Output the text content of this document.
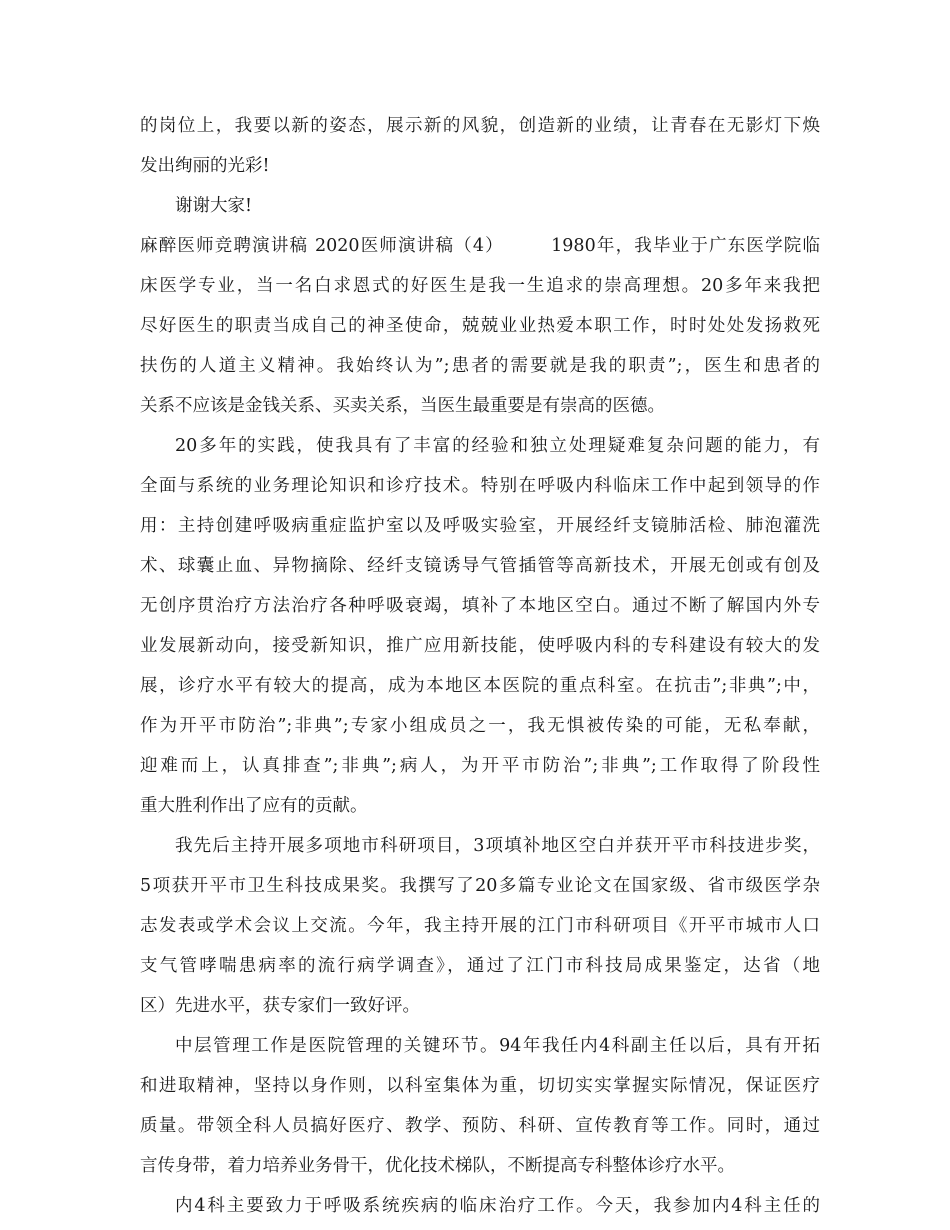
的岗位上，我要以新的姿态，展示新的风貌，创造新的业绩，让青春在无影灯下焕
发出绚丽的光彩!
谢谢大家!
麻醉医师竞聘演讲稿 2020医师演讲稿（4）　　　1980年，我毕业于广东医学院临
床医学专业，当一名白求恩式的好医生是我一生追求的崇高理想。20多年来我把
尽好医生的职责当成自己的神圣使命，兢兢业业热爱本职工作，时时处处发扬救死
扶伤的人道主义精神。我始终认为”;患者的需要就是我的职责”;，医生和患者的
关系不应该是金钱关系、买卖关系，当医生最重要是有崇高的医德。
20多年的实践，使我具有了丰富的经验和独立处理疑难复杂问题的能力，有
全面与系统的业务理论知识和诊疗技术。特别在呼吸内科临床工作中起到领导的作
用：主持创建呼吸病重症监护室以及呼吸实验室，开展经纤支镜肺活检、肺泡灌洗
术、球囊止血、异物摘除、经纤支镜诱导气管插管等高新技术，开展无创或有创及
无创序贯治疗方法治疗各种呼吸衰竭，填补了本地区空白。通过不断了解国内外专
业发展新动向，接受新知识，推广应用新技能，使呼吸内科的专科建设有较大的发
展，诊疗水平有较大的提高，成为本地区本医院的重点科室。在抗击”;非典”;中，
作为开平市防治”;非典”;专家小组成员之一，我无惧被传染的可能，无私奉献，
迎难而上，认真排查”;非典”;病人，为开平市防治”;非典”;工作取得了阶段性
重大胜利作出了应有的贡献。
我先后主持开展多项地市科研项目，3项填补地区空白并获开平市科技进步奖，
5项获开平市卫生科技成果奖。我撰写了20多篇专业论文在国家级、省市级医学杂
志发表或学术会议上交流。今年，我主持开展的江门市科研项目《开平市城市人口
支气管哮喘患病率的流行病学调查》，通过了江门市科技局成果鉴定，达省（地
区）先进水平，获专家们一致好评。
中层管理工作是医院管理的关键环节。94年我任内4科副主任以后，具有开拓
和进取精神，坚持以身作则，以科室集体为重，切切实实掌握实际情况，保证医疗
质量。带领全科人员搞好医疗、教学、预防、科研、宣传教育等工作。同时，通过
言传身带，着力培养业务骨干，优化技术梯队，不断提高专科整体诊疗水平。
内4科主要致力于呼吸系统疾病的临床治疗工作。今天，我参加内4科主任的
